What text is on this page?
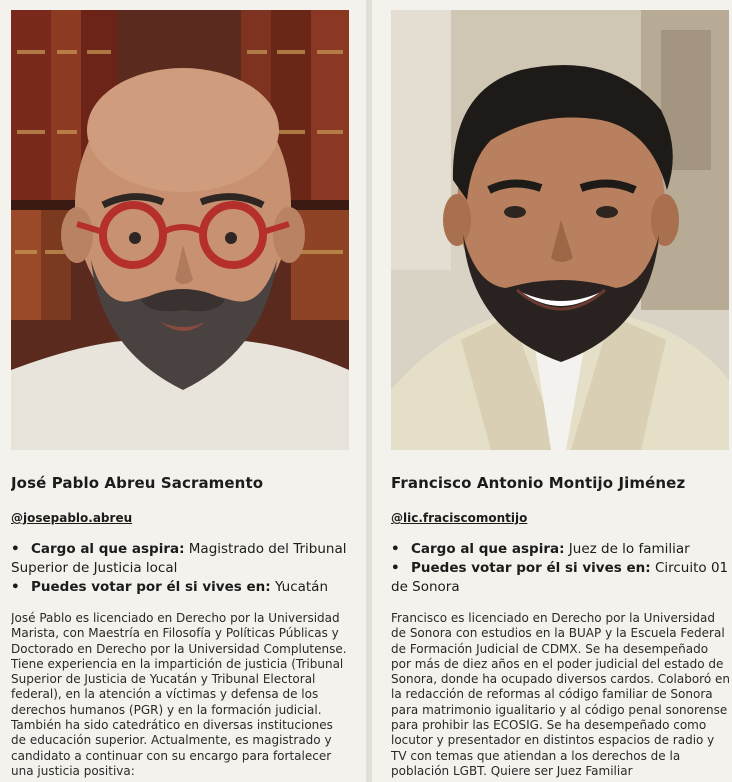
José Pablo Abreu Sacramento
@josepablo.abreu
• Cargo al que aspira: Magistrado del Tribunal Superior de Justicia local
• Puedes votar por él si vives en: Yucatán
José Pablo es licenciado en Derecho por la Universidad Marista, con Maestría en Filosofía y Políticas Públicas y Doctorado en Derecho por la Universidad Complutense. Tiene experiencia en la impartición de justicia (Tribunal Superior de Justicia de Yucatán y Tribunal Electoral federal), en la atención a víctimas y defensa de los derechos humanos (PGR) y en la formación judicial. También ha sido catedrático en diversas instituciones de educación superior. Actualmente, es magistrado y candidato a continuar con su encargo para fortalecer una justicia positiva:
Francisco Antonio Montijo Jiménez
@lic.fraciscomontijo
• Cargo al que aspira: Juez de lo familiar
• Puedes votar por él si vives en: Circuito 01 de Sonora
Francisco es licenciado en Derecho por la Universidad de Sonora con estudios en la BUAP y la Escuela Federal de Formación Judicial de CDMX. Se ha desempeñado por más de diez años en el poder judicial del estado de Sonora, donde ha ocupado diversos cardos. Colaboró en la redacción de reformas al código familiar de Sonora para matrimonio igualitario y al código penal sonorense para prohibir las ECOSIG. Se ha desempeñado como locutor y presentador en distintos espacios de radio y TV con temas que atiendan a los derechos de la población LGBT. Quiere ser Juez Familiar
